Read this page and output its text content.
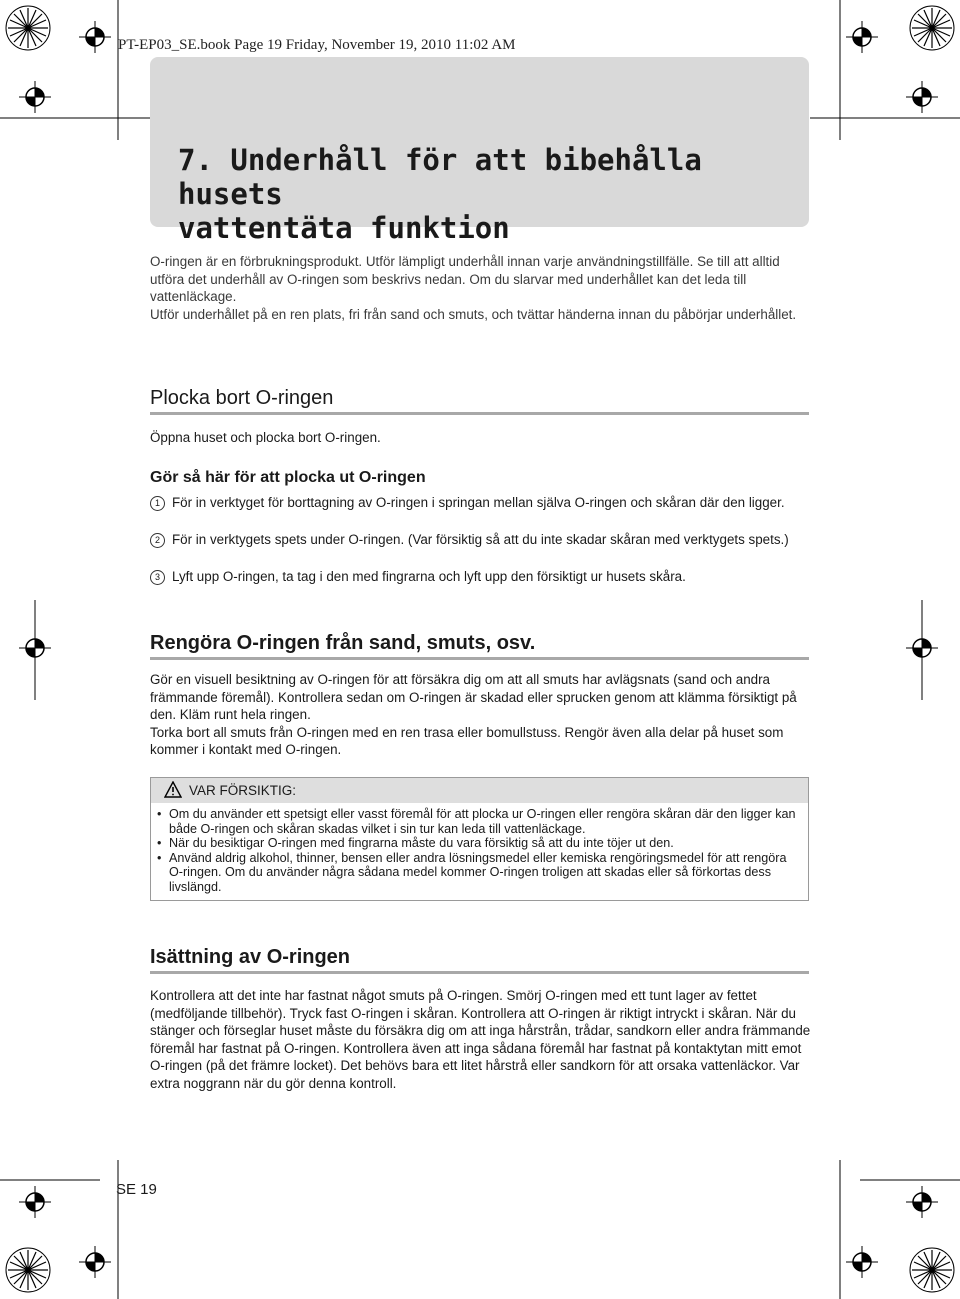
PT-EP03_SE.book Page 19 Friday, November 19, 2010 11:02 AM
7. Underhåll för att bibehålla husets
vattentäta funktion

O-ringen är en förbrukningsprodukt. Utför lämpligt underhåll innan varje användningstillfälle. Se till att alltid utföra det underhåll av O-ringen som beskrivs nedan. Om du slarvar med underhållet kan det leda till vattenläckage.

Utför underhållet på en ren plats, fri från sand och smuts, och tvättar händerna innan du påbörjar underhållet.

Plocka bort O-ringen
Öppna huset och plocka bort O-ringen.
Gör så här för att plocka ut O-ringen
1 För in verktyget för borttagning av O-ringen i springan mellan själva O-ringen och skåran där den ligger.
2 För in verktygets spets under O-ringen. (Var försiktig så att du inte skadar skåran med verktygets spets.)
3 Lyft upp O-ringen, ta tag i den med fingrarna och lyft upp den försiktigt ur husets skåra.
Rengöra O-ringen från sand, smuts, osv.

Gör en visuell besiktning av O-ringen för att försäkra dig om att all smuts har avlägsnats (sand och andra främmande föremål). Kontrollera sedan om O-ringen är skadad eller sprucken genom att klämma försiktigt på den. Kläm runt hela ringen.

Torka bort all smuts från O-ringen med en ren trasa eller bomullstuss. Rengör även alla delar på huset som kommer i kontakt med O-ringen.

VAR FÖRSIKTIG:
• Om du använder ett spetsigt eller vasst föremål för att plocka ur O-ringen eller rengöra skåran där den ligger kan både O-ringen och skåran skadas vilket i sin tur kan leda till vattenläckage.
• När du besiktigar O-ringen med fingrarna måste du vara försiktig så att du inte töjer ut den.
• Använd aldrig alkohol, thinner, bensen eller andra lösningsmedel eller kemiska rengöringsmedel för att rengöra O-ringen. Om du använder några sådana medel kommer O-ringen troligen att skadas eller så förkortas dess livslängd.
Isättning av O-ringen
Kontrollera att det inte har fastnat något smuts på O-ringen. Smörj O-ringen med ett tunt lager av fettet (medföljande tillbehör). Tryck fast O-ringen i skåran. Kontrollera att O-ringen är riktigt intryckt i skåran. När du stänger och förseglar huset måste du försäkra dig om att inga hårstrån, trådar, sandkorn eller andra främmande föremål har fastnat på O-ringen. Kontrollera även att inga sådana föremål har fastnat på kontaktytan mitt emot O-ringen (på det främre locket). Det behövs bara ett litet hårstrå eller sandkorn för att orsaka vattenläckor. Var extra noggrann när du gör denna kontroll.
SE 19
